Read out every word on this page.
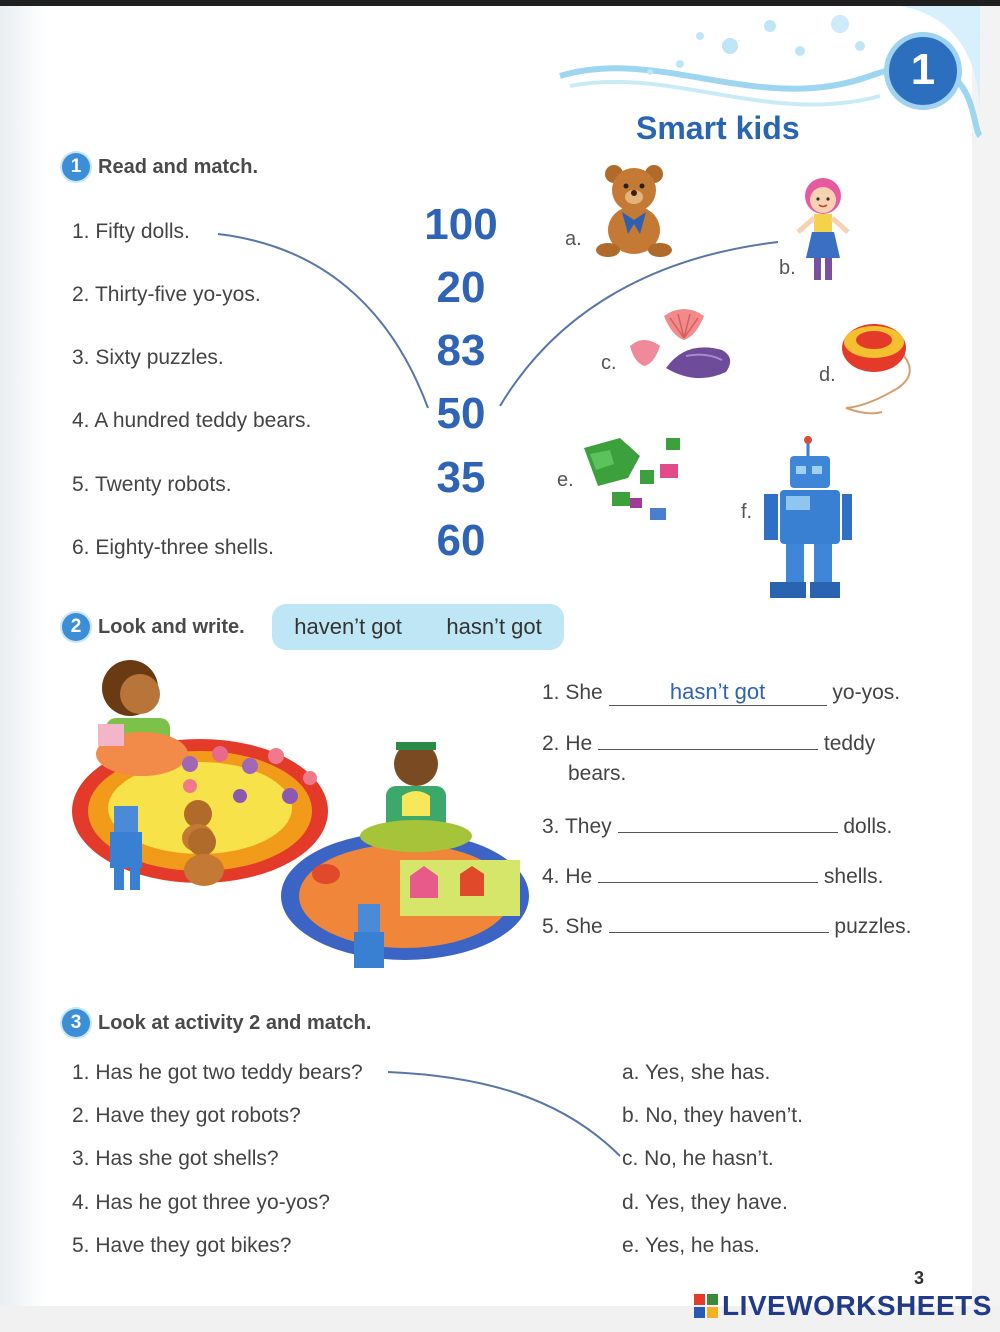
1
Smart kids
1 Read and match.
1. Fifty dolls.
2. Thirty-five yo-yos.
3. Sixty puzzles.
4. A hundred teddy bears.
5. Twenty robots.
6. Eighty-three shells.
100
20
83
50
35
60
a.
b.
c.
d.
e.
f.
2 Look and write. haven’t got hasn’t got
1. She	hasn’t got	yo-yos.
2. He	teddy
bears.
3. They	dolls.
4. He	shells.
5. She	puzzles.
3 Look at activity 2 and match.
1. Has he got two teddy bears?
2. Have they got robots?
3. Has she got shells?
4. Has he got three yo-yos?
5. Have they got bikes?
a. Yes, she has.
b. No, they haven’t.
c. No, he hasn’t.
d. Yes, they have.
e. Yes, he has.
3
LIVEWORKSHEETS
